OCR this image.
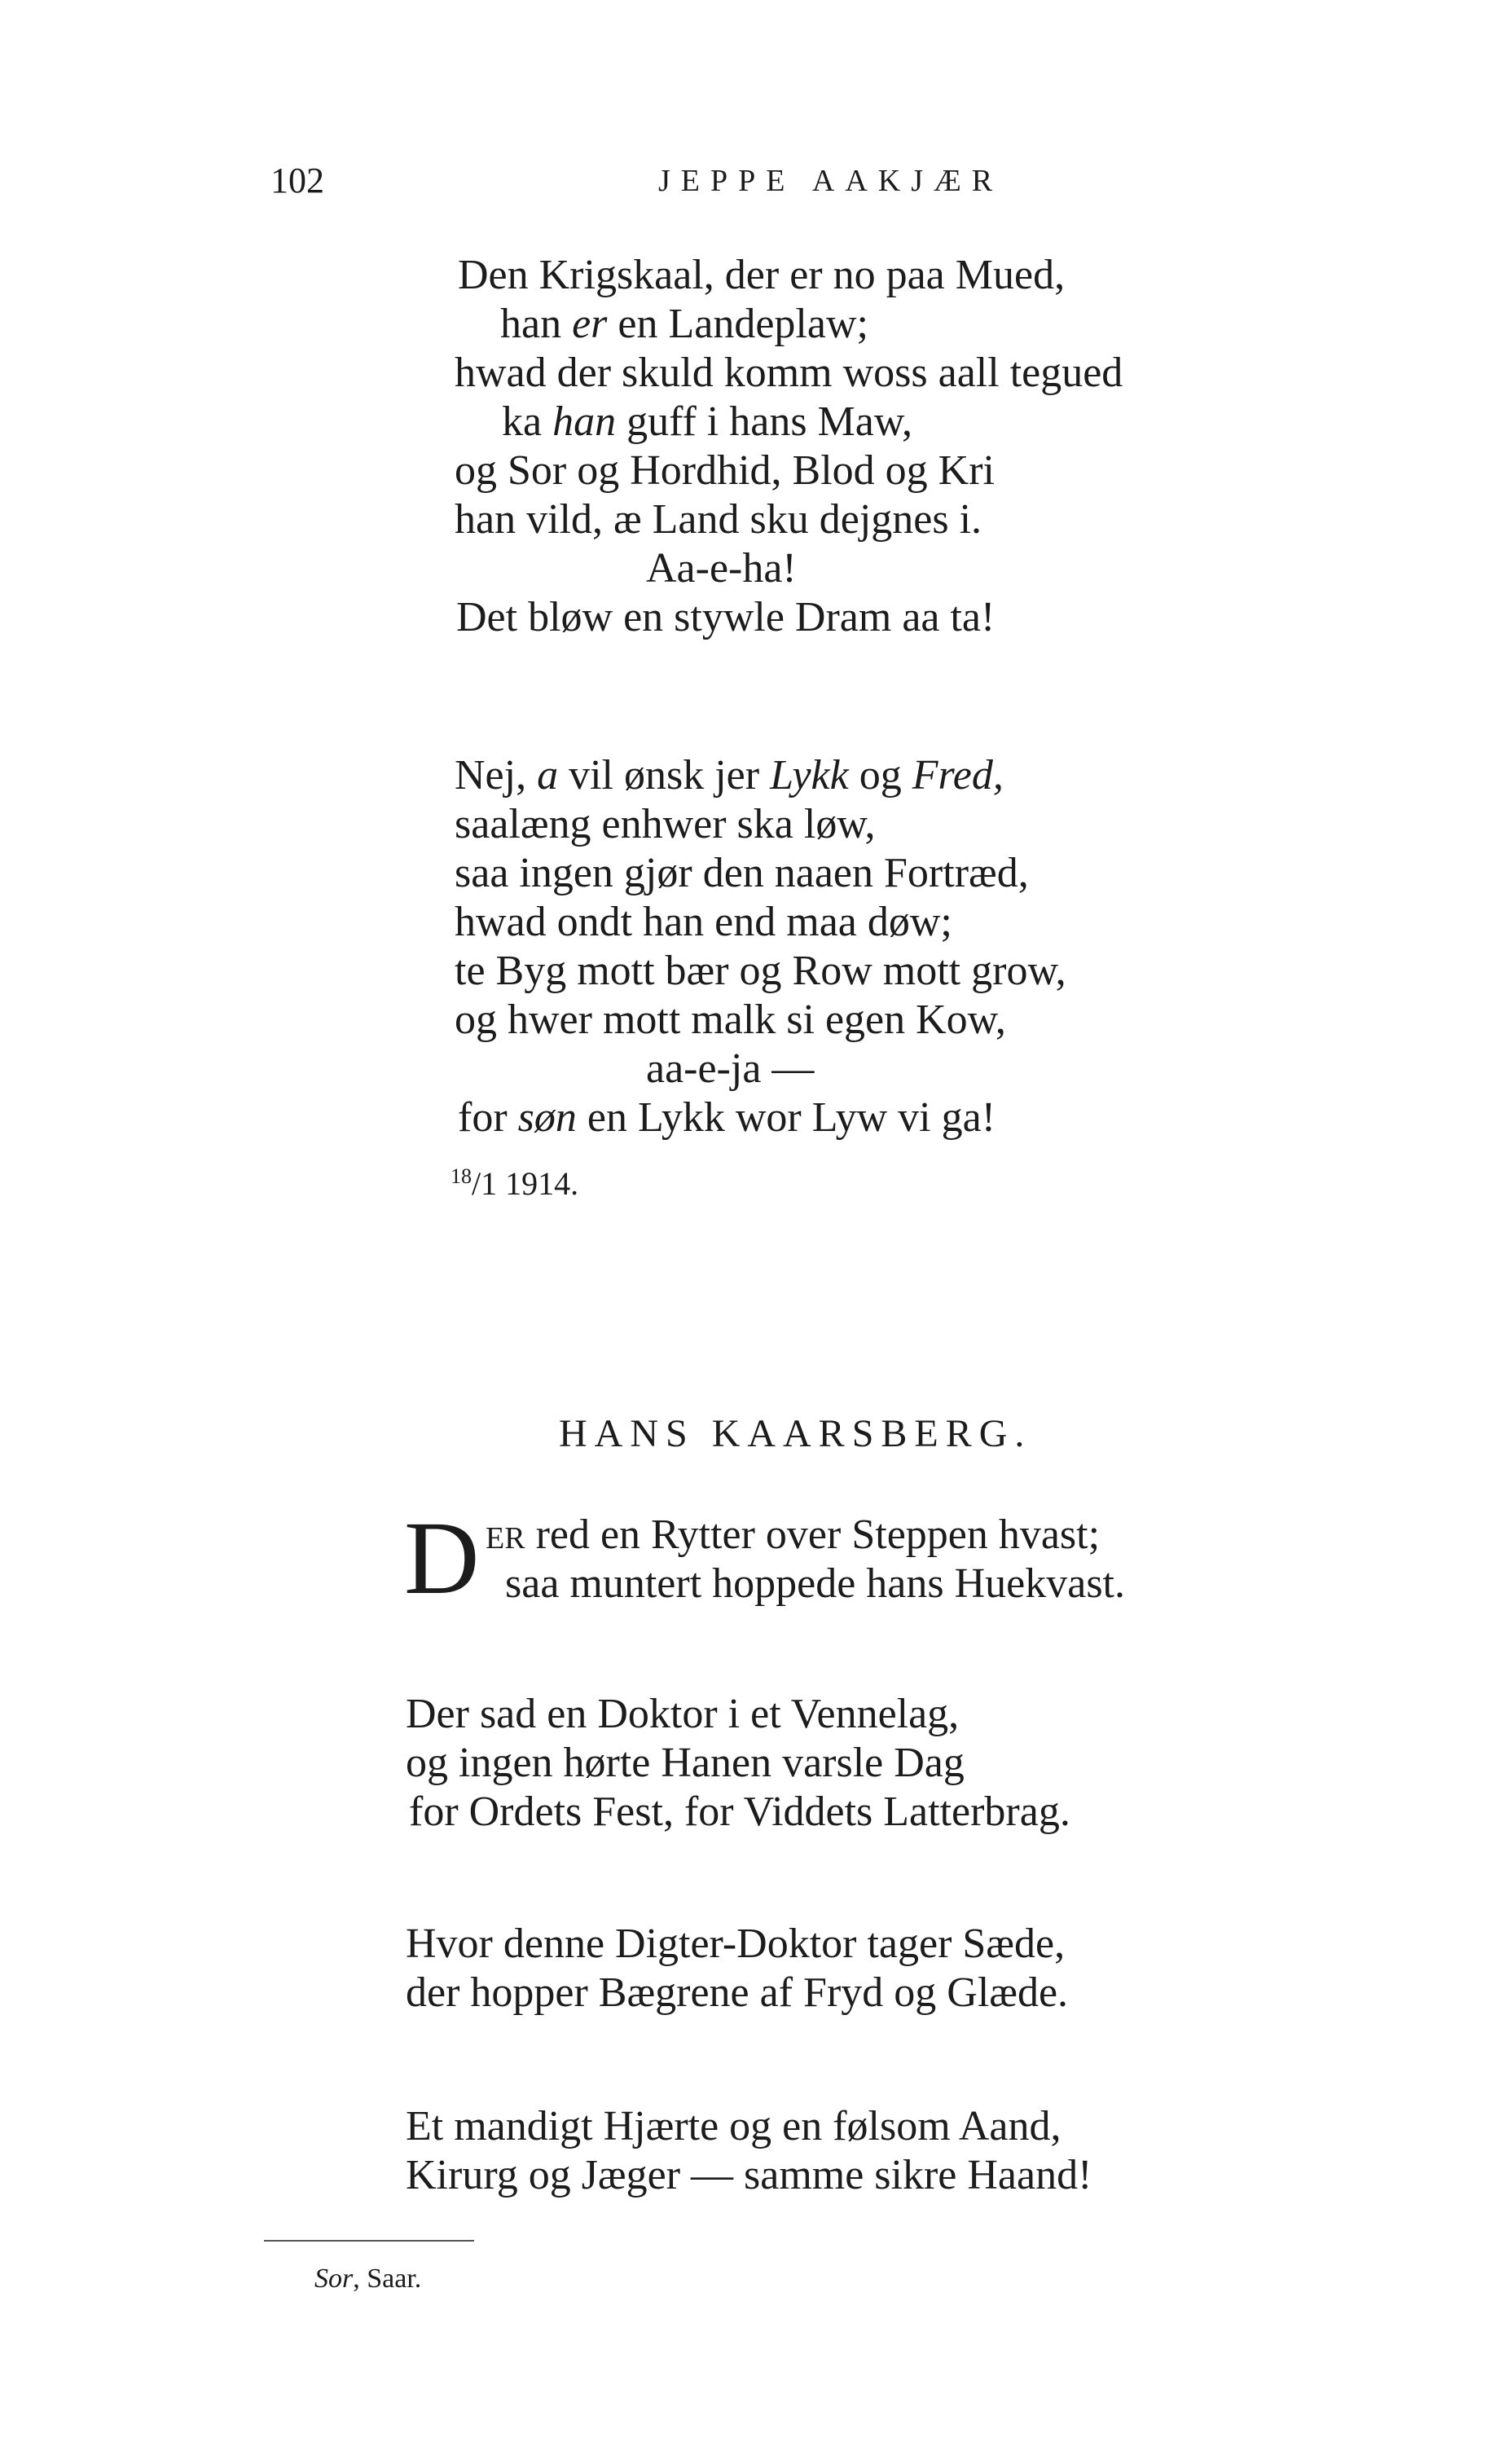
102	JEPPE AAKJÆR
Den Krigskaal, der er no paa Mued,
han er en Landeplaw;
hwad der skuld komm woss aall tegued
ka han guff i hans Maw,
og Sor og Hordhid, Blod og Kri
han vild, æ Land sku dejgnes i.
Aa-e-ha!
Det bløw en stywle Dram aa ta!
Nej, a vil ønsk jer Lykk og Fred,
saalæng enhwer ska løw,
saa ingen gjør den naaen Fortræd,
hwad ondt han end maa døw;
te Byg mott bær og Row mott grow,
og hwer mott malk si egen Kow,
aa-e-ja —
for søn en Lykk wor Lyw vi ga!
$^{18}$/1 1914.
HANS KAARSBERG.
D ER red en Rytter over Steppen hvast;
saa muntert hoppede hans Huekvast.
Der sad en Doktor i et Vennelag,
og ingen hørte Hanen varsle Dag
for Ordets Fest, for Viddets Latterbrag.
Hvor denne Digter-Doktor tager Sæde,
der hopper Bægrene af Fryd og Glæde.
Et mandigt Hjærte og en følsom Aand,
Kirurg og Jæger — samme sikre Haand!
Sor, Saar.
